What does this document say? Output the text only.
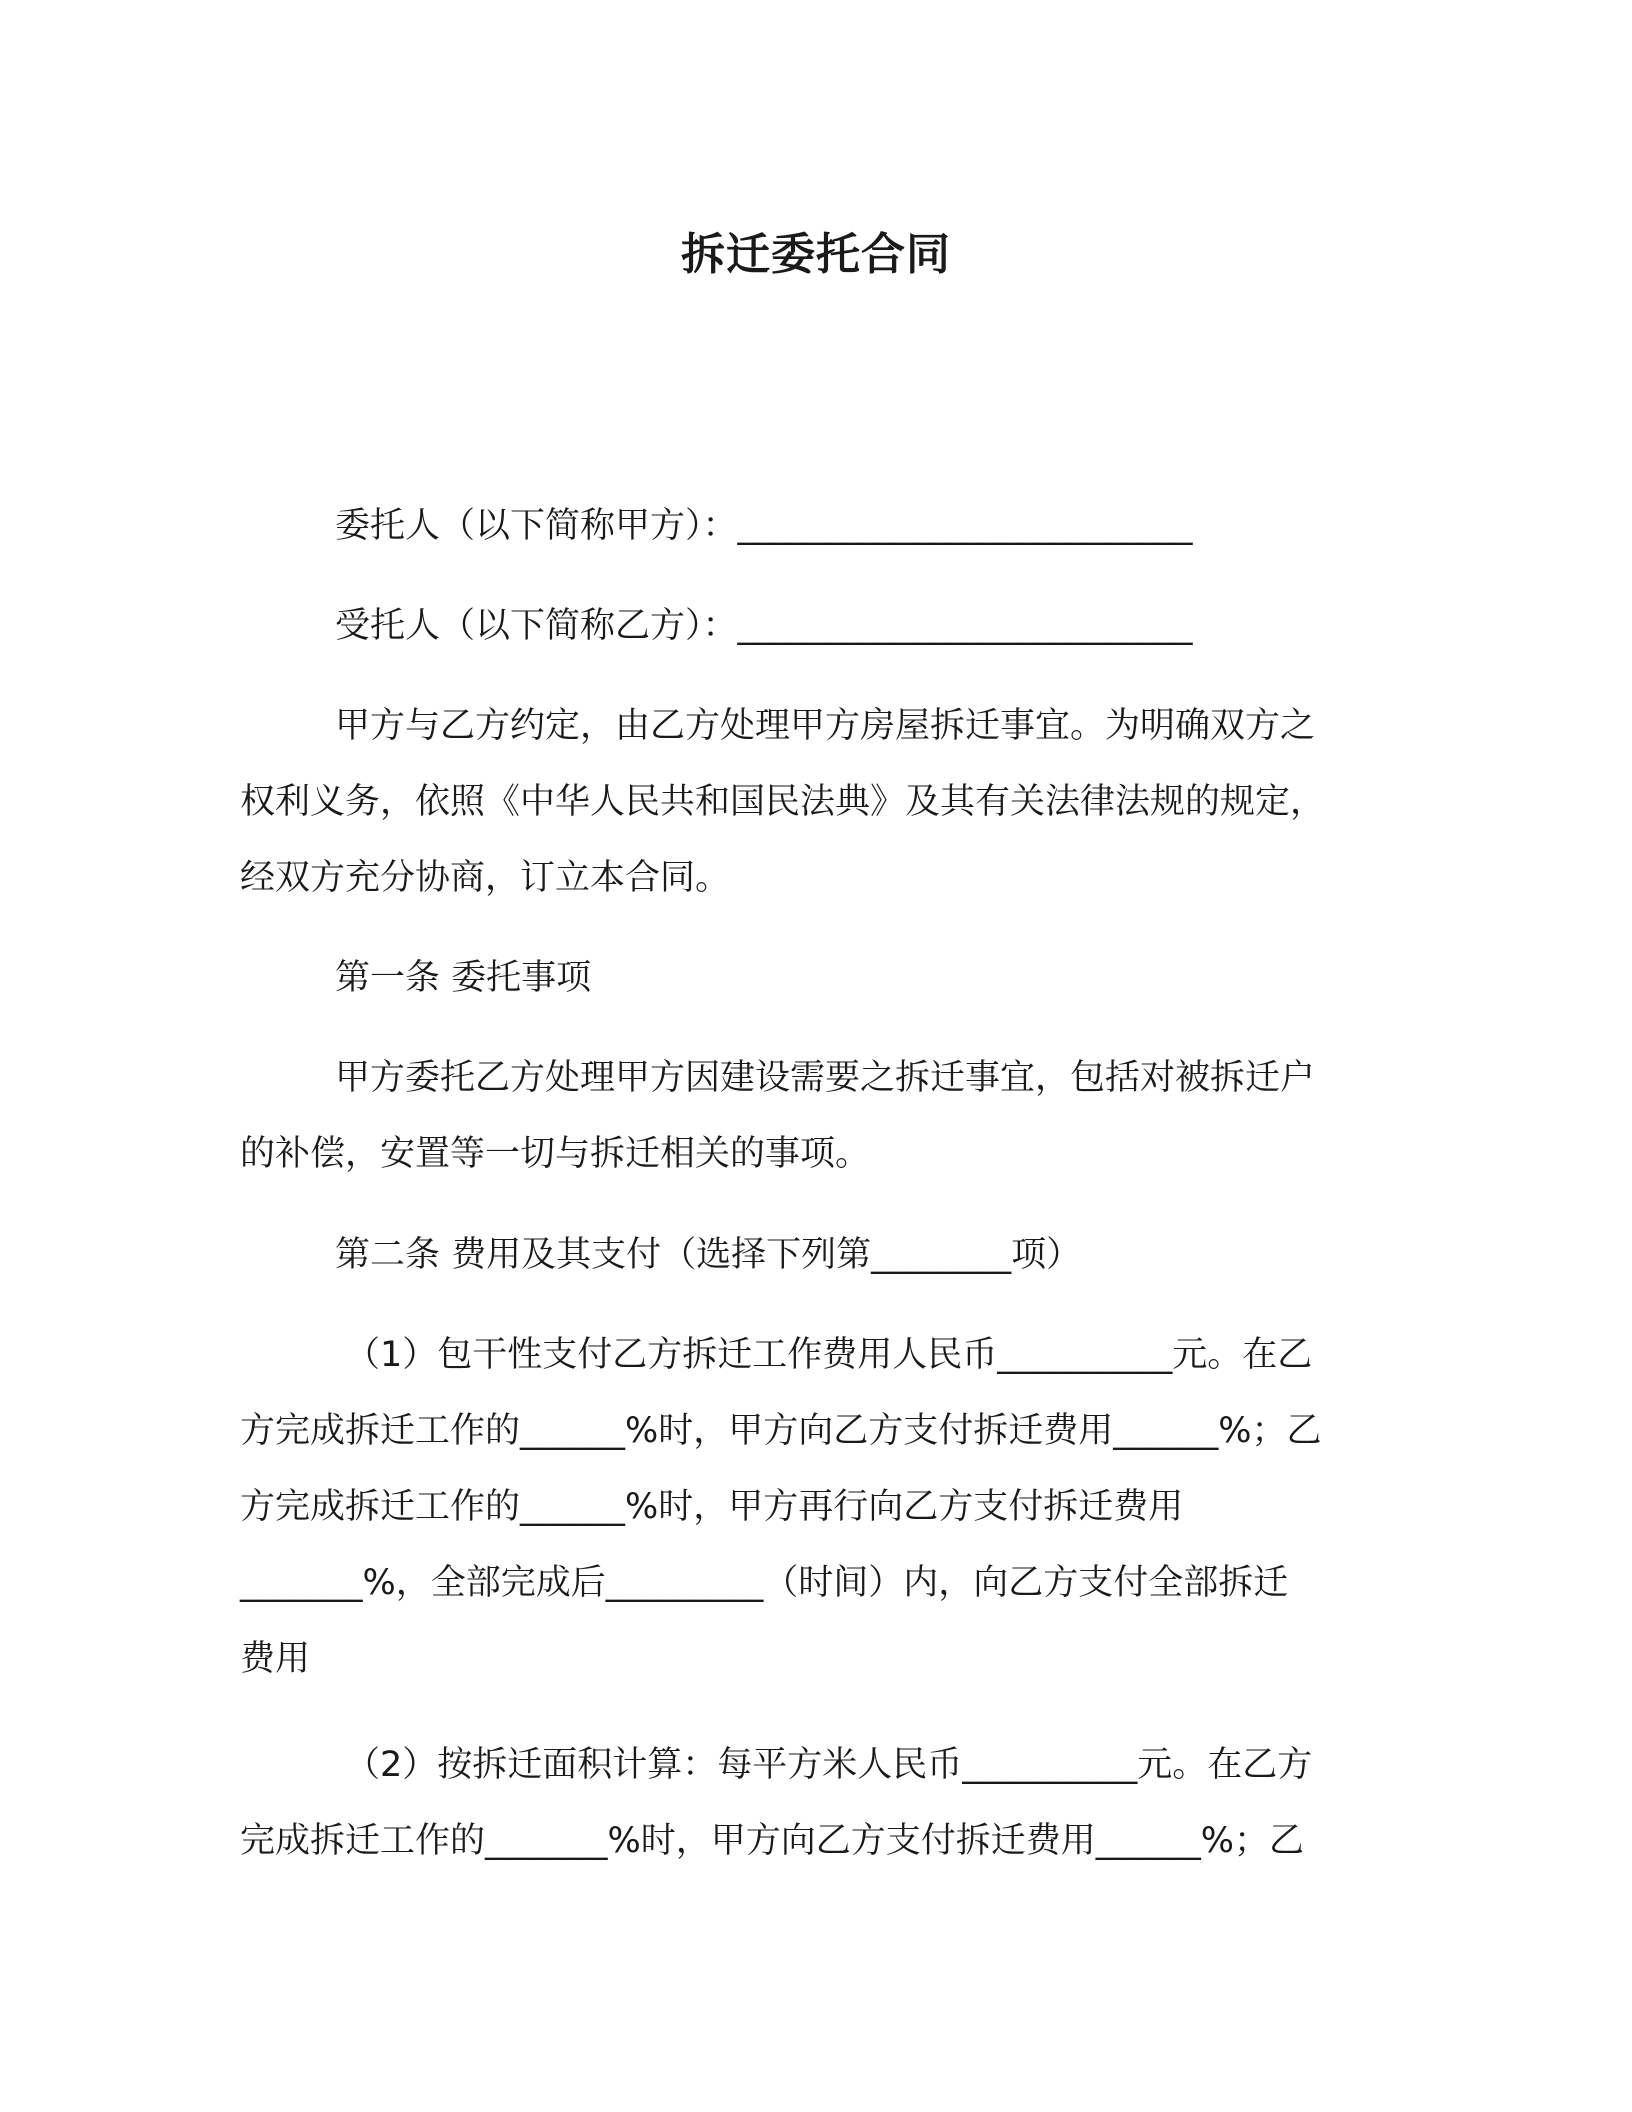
拆迁委托合同
委托人（以下简称甲方）：__________________________
受托人（以下简称乙方）：__________________________
甲方与乙方约定，由乙方处理甲方房屋拆迁事宜。为明确双方之
权利义务，依照《中华人民共和国民法典》及其有关法律法规的规定，
经双方充分协商，订立本合同。
第一条 委托事项
甲方委托乙方处理甲方因建设需要之拆迁事宜，包括对被拆迁户
的补偿，安置等一切与拆迁相关的事项。
第二条 费用及其支付（选择下列第________项）
（1）包干性支付乙方拆迁工作费用人民币__________元。在乙
方完成拆迁工作的______%时，甲方向乙方支付拆迁费用______%；乙
方完成拆迁工作的______%时，甲方再行向乙方支付拆迁费用
_______%，全部完成后_________（时间）内，向乙方支付全部拆迁
费用
（2）按拆迁面积计算：每平方米人民币__________元。在乙方
完成拆迁工作的_______%时，甲方向乙方支付拆迁费用______%；乙
